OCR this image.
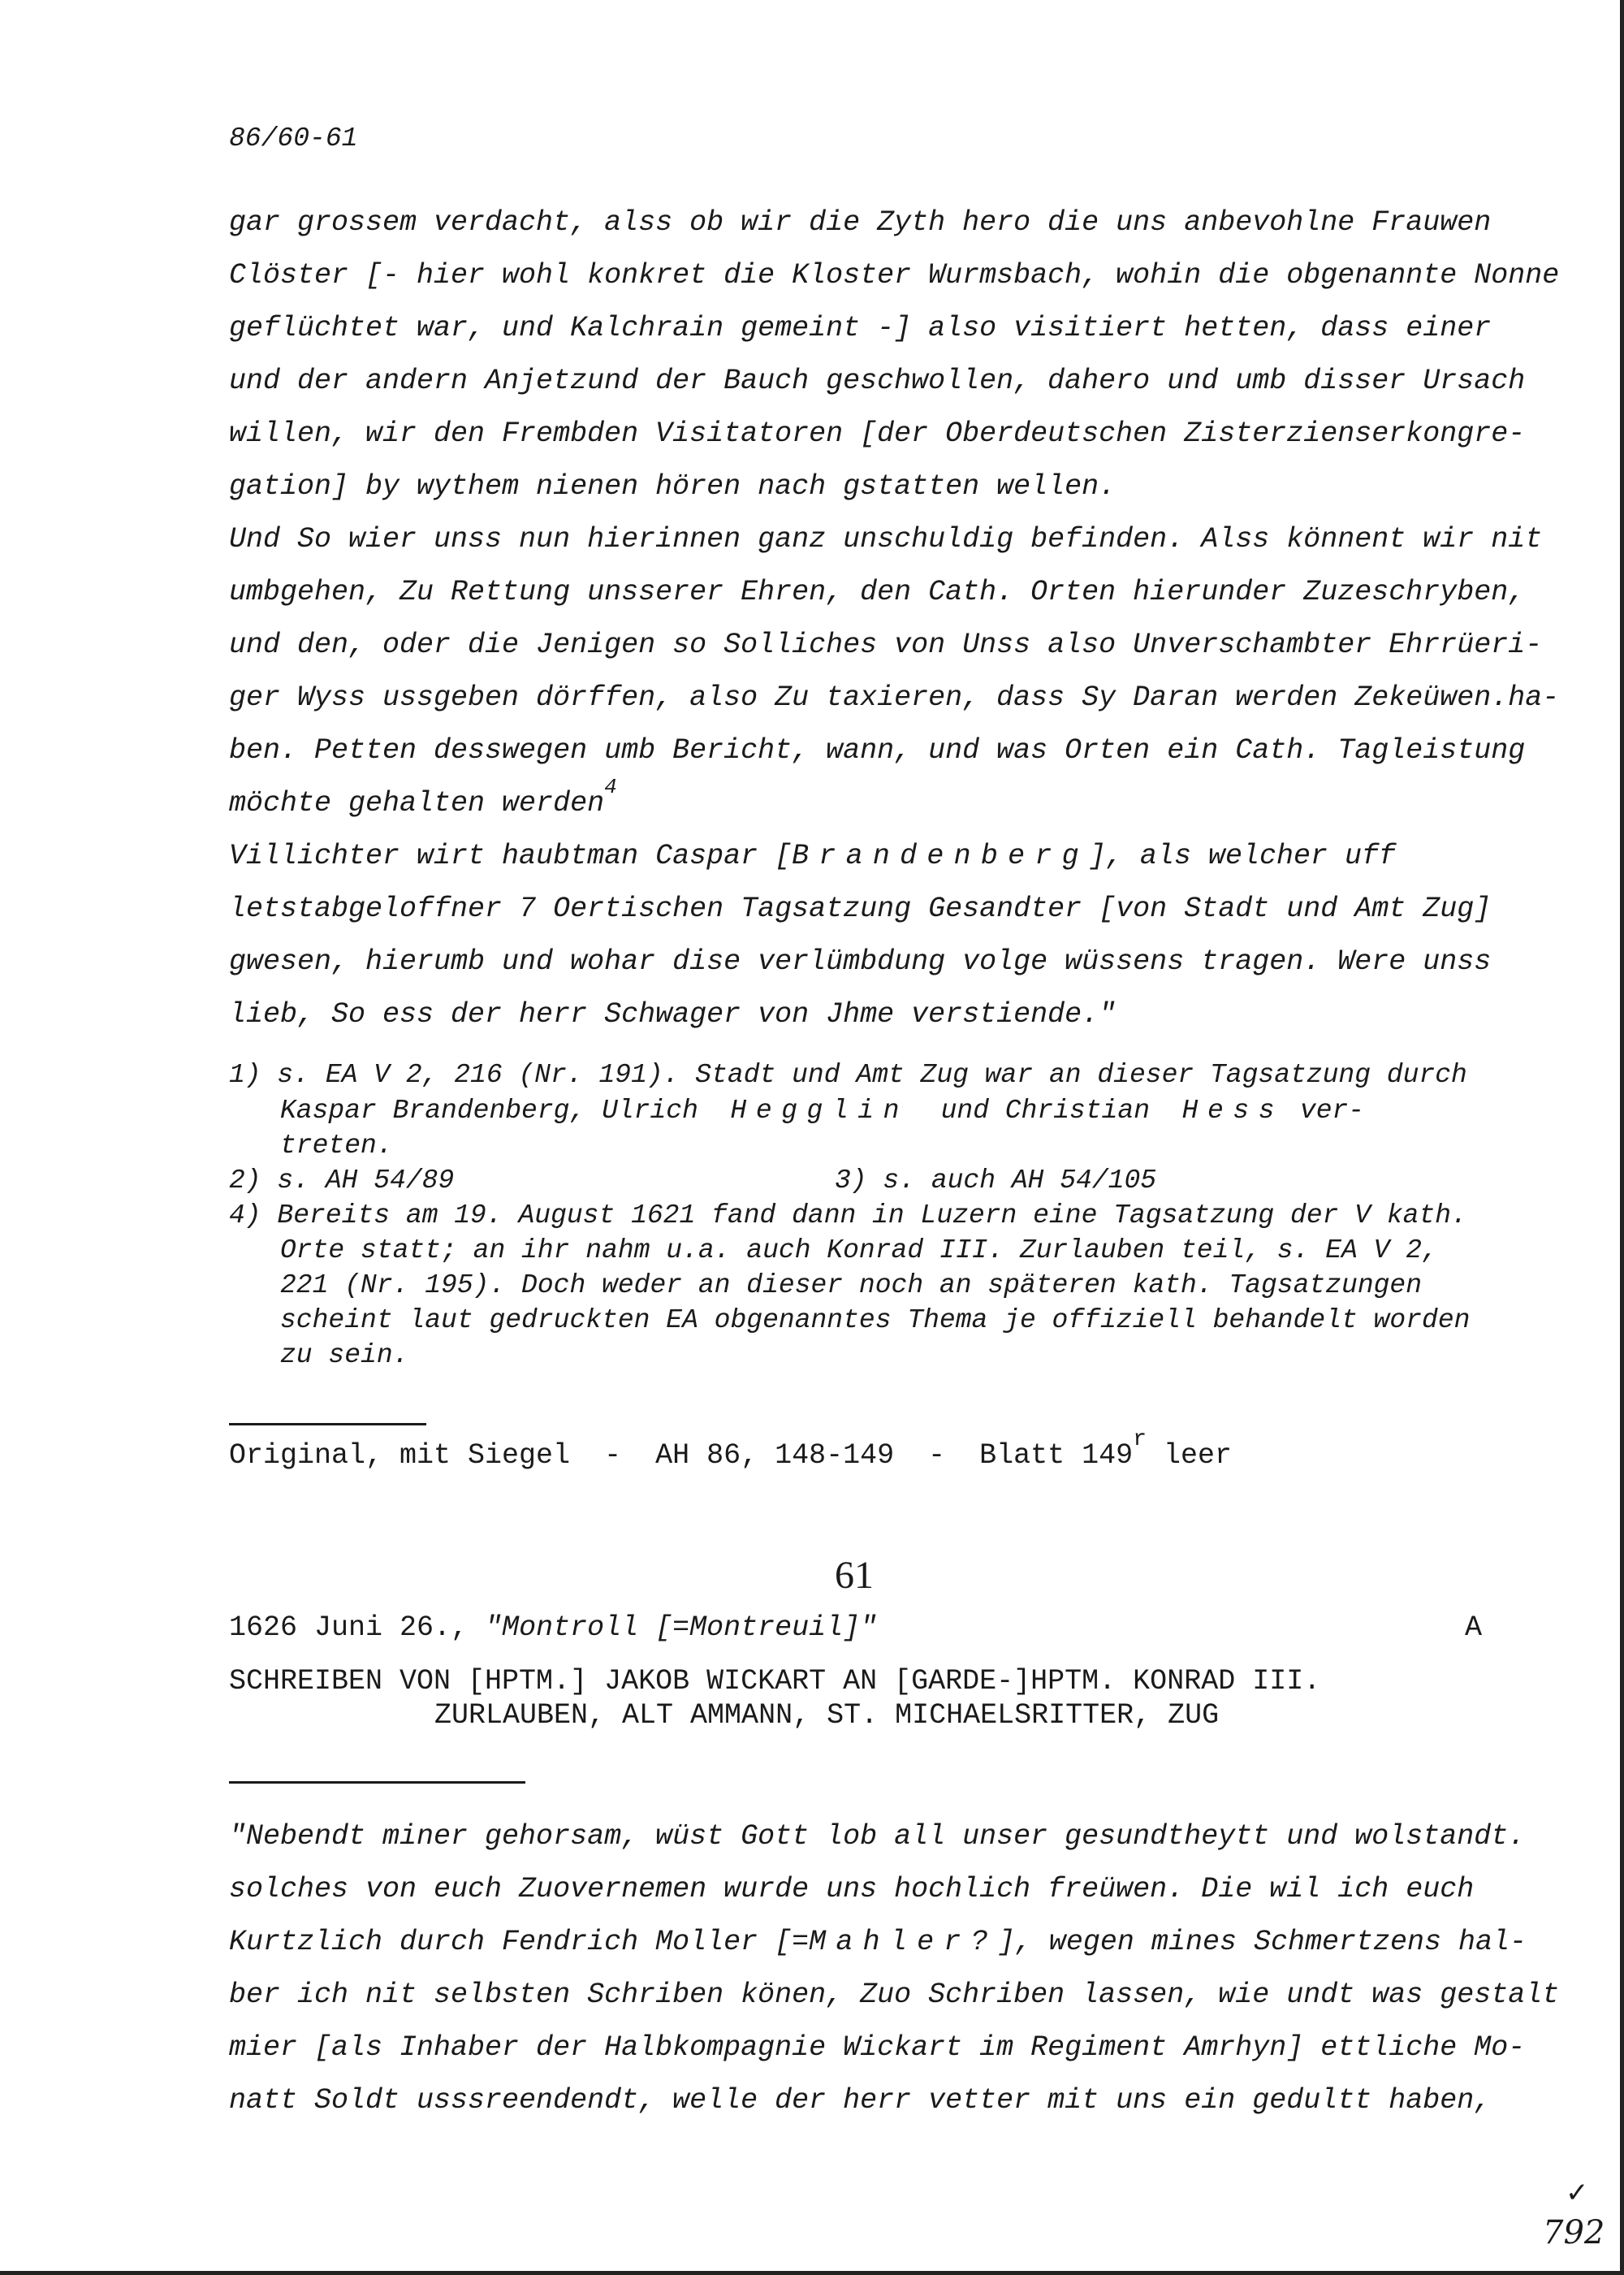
86/60-61
gar grossem verdacht, alss ob wir die Zyth hero die uns anbevohlne Frauwen
Clöster [- hier wohl konkret die Kloster Wurmsbach, wohin die obgenannte Nonne
geflüchtet war, und Kalchrain gemeint -] also visitiert hetten, dass einer
und der andern Anjetzund der Bauch geschwollen, dahero und umb disser Ursach
willen, wir den Frembden Visitatoren [der Oberdeutschen Zisterzienserkongre-
gation] by wythem nienen hören nach gstatten wellen.
Und So wier unss nun hierinnen ganz unschuldig befinden. Alss könnent wir nit
umbgehen, Zu Rettung unsserer Ehren, den Cath. Orten hierunder Zuzeschryben,
und den, oder die Jenigen so Solliches von Unss also Unverschambter Ehrrüeri-
ger Wyss ussgeben dörffen, also Zu taxieren, dass Sy Daran werden Zekeüwen.ha-
ben. Petten desswegen umb Bericht, wann, und was Orten ein Cath. Tagleistung
möchte gehalten werden$^4$
Villichter wirt haubtman Caspar [Brandenberg], als welcher uff
letstabgeloffner 7 Oertischen Tagsatzung Gesandter [von Stadt und Amt Zug]
gwesen, hierumb und wohar dise verlümbdung volge wüssens tragen. Were unss
lieb, So ess der herr Schwager von Jhme verstiende."
1) s. EA V 2, 216 (Nr. 191). Stadt und Amt Zug war an dieser Tagsatzung durch
Kaspar Brandenberg, Ulrich Hegglin und Christian Hess ver-
treten.
2) s. AH 54/89	3) s. auch AH 54/105
4) Bereits am 19. August 1621 fand dann in Luzern eine Tagsatzung der V kath.
Orte statt; an ihr nahm u.a. auch Konrad III. Zurlauben teil, s. EA V 2,
221 (Nr. 195). Doch weder an dieser noch an späteren kath. Tagsatzungen
scheint laut gedruckten EA obgenanntes Thema je offiziell behandelt worden
zu sein.
Original, mit Siegel  -  AH 86, 148-149  -  Blatt 149$^r$ leer
61
1626 Juni 26., "Montroll [=Montreuil]"	A
SCHREIBEN VON [HPTM.] JAKOB WICKART AN [GARDE-]HPTM. KONRAD III.
ZURLAUBEN, ALT AMMANN, ST. MICHAELSRITTER, ZUG
"Nebendt miner gehorsam, wüst Gott lob all unser gesundtheytt und wolstandt.
solches von euch Zuovernemen wurde uns hochlich freüwen. Die wil ich euch
Kurtzlich durch Fendrich Moller [=Mahler?], wegen mines Schmertzens hal-
ber ich nit selbsten Schriben könen, Zuo Schriben lassen, wie undt was gestalt
mier [als Inhaber der Halbkompagnie Wickart im Regiment Amrhyn] ettliche Mo-
natt Soldt usssreendendt, welle der herr vetter mit uns ein gedultt haben,
✓
792
